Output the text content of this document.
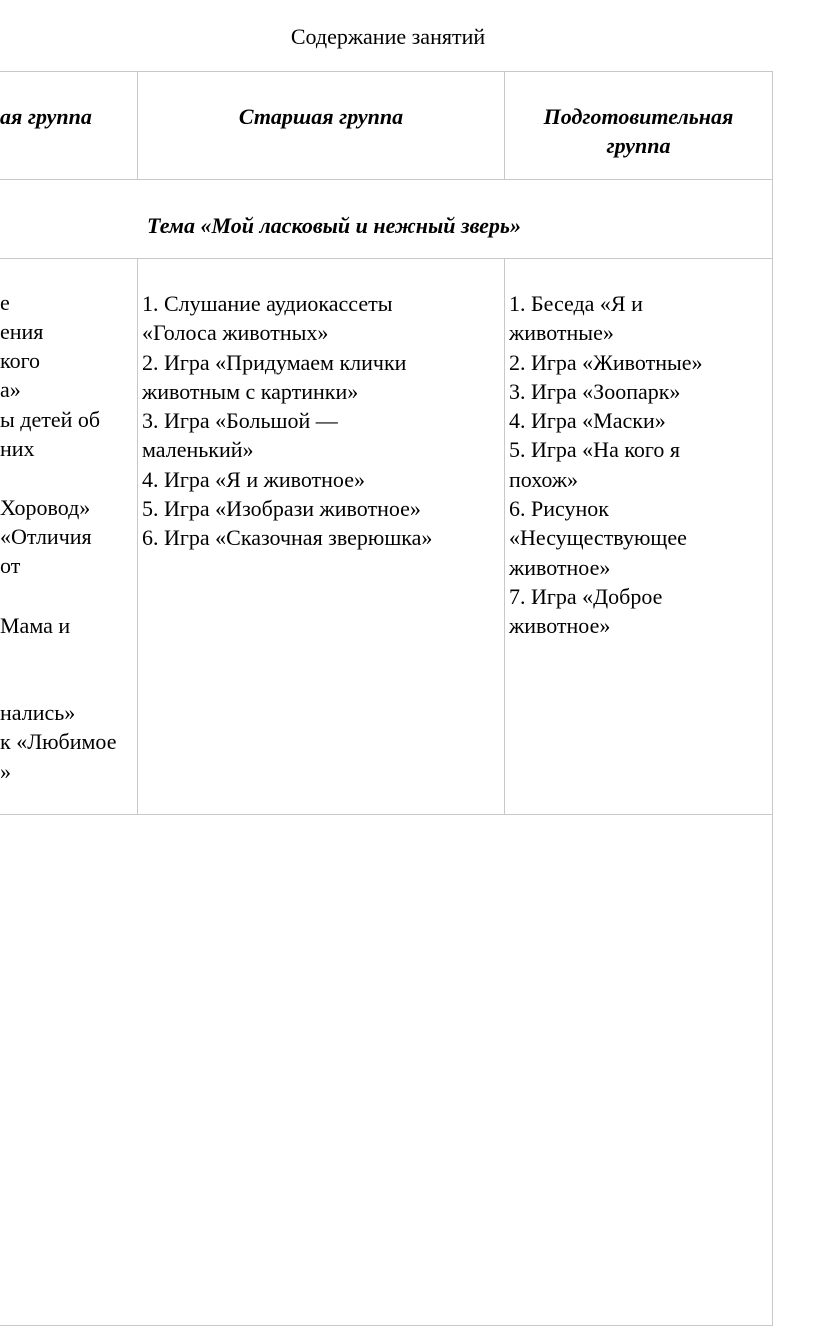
Содержание занятий
ая группа	Старшая группа	Подготовительная
группа
Тема «Мой ласковый и нежный зверь»
е
ения
кого
а»
ы детей об
них
Хоровод»
«Отличия
от
Мама и
нались»
к «Любимое
»
1. Слушание аудиокассеты
«Голоса животных»
2. Игра «Придумаем клички
животным с картинки»
3. Игра «Большой —
маленький»
4. Игра «Я и животное»
5. Игра «Изобрази животное»
6. Игра «Сказочная зверюшка»
1. Беседа «Я и
животные»
2. Игра «Животные»
3. Игра «Зоопарк»
4. Игра «Маски»
5. Игра «На кого я
похож»
6. Рисунок
«Несуществующее
животное»
7. Игра «Доброе
животное»
